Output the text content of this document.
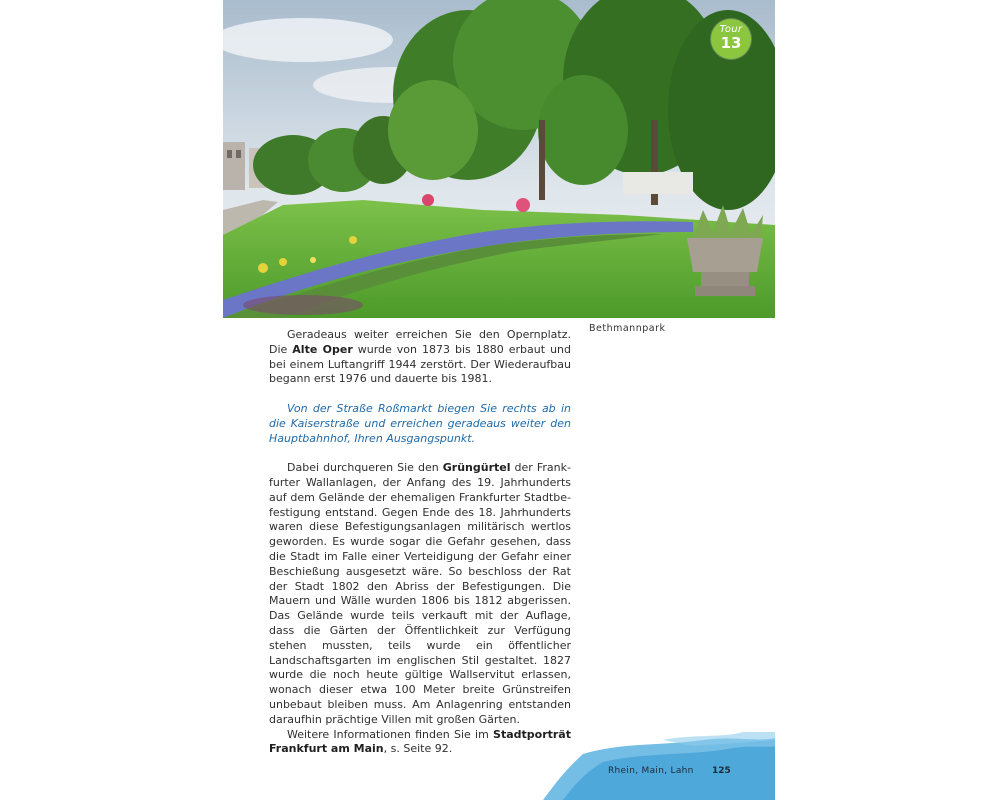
Tour
13
Bethmannpark

Geradeaus weiter erreichen Sie den Opernplatz. Die Alte Oper wurde von 1873 bis 1880 erbaut und bei einem Luftangriff 1944 zerstört. Der Wiederaufbau begann erst 1976 und dauerte bis 1981.

Von der Straße Roßmarkt biegen Sie rechts ab in die Kaiserstraße und erreichen geradeaus weiter den Hauptbahnhof, Ihren Ausgangspunkt.

Dabei durchqueren Sie den Grüngürtel der Frankfurter Wallanlagen, der Anfang des 19. Jahrhunderts auf dem Gelände der ehemaligen Frankfurter Stadtbefestigung entstand. Gegen Ende des 18. Jahrhunderts waren diese Befestigungsanlagen militärisch wertlos geworden. Es wurde sogar die Gefahr gesehen, dass die Stadt im Falle einer Verteidigung der Gefahr einer Beschießung ausgesetzt wäre. So beschloss der Rat der Stadt 1802 den Abriss der Befestigungen. Die Mauern und Wälle wurden 1806 bis 1812 abgerissen. Das Gelände wurde teils verkauft mit der Auflage, dass die Gärten der Öffentlichkeit zur Verfügung stehen mussten, teils wurde ein öffentlicher Landschaftsgarten im englischen Stil gestaltet. 1827 wurde die noch heute gültige Wallservitut erlassen, wonach dieser etwa 100 Meter breite Grünstreifen unbebaut bleiben muss. Am Anlagenring entstanden daraufhin prächtige Villen mit großen Gärten.

Weitere Informationen finden Sie im Stadtporträt Frankfurt am Main, s. Seite 92.

Rhein, Main, Lahn 125
